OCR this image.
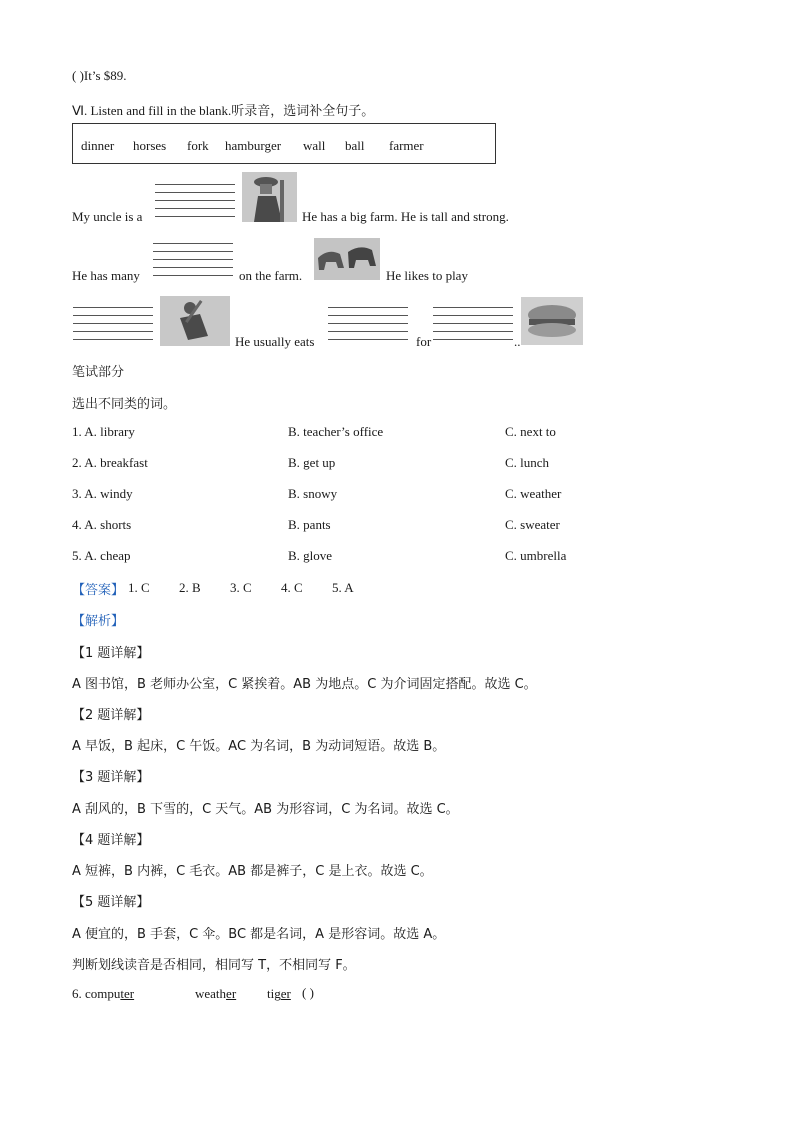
( )It’s $89.
Ⅵ. Listen and fill in the blank.听录音，选词补全句子。
dinner horses fork hamburger wall ball farmer
My uncle is a	He has a big farm. He is tall and strong.
He has many	on the farm.	He likes to play
He usually eats	for	..
笔试部分
选出不同类的词。
1. A. library	B. teacher’s office	C. next to
2. A. breakfast	B. get up	C. lunch
3. A. windy	B. snowy	C. weather
4. A. shorts	B. pants	C. sweater
5. A. cheap	B. glove	C. umbrella
【答案】 1. C 2. B 3. C 4. C 5. A
【解析】
【1 题详解】
A 图书馆，B 老师办公室，C 紧挨着。AB 为地点。C 为介词固定搭配。故选 C。
【2 题详解】
A 早饭，B 起床，C 午饭。AC 为名词，B 为动词短语。故选 B。
【3 题详解】
A 刮风的，B 下雪的，C 天气。AB 为形容词，C 为名词。故选 C。
【4 题详解】
A 短裤，B 内裤，C 毛衣。AB 都是裤子，C 是上衣。故选 C。
【5 题详解】
A 便宜的，B 手套，C 伞。BC 都是名词，A 是形容词。故选 A。
判断划线读音是否相同，相同写 T，不相同写 F。
6. computer	weather tiger ( )
